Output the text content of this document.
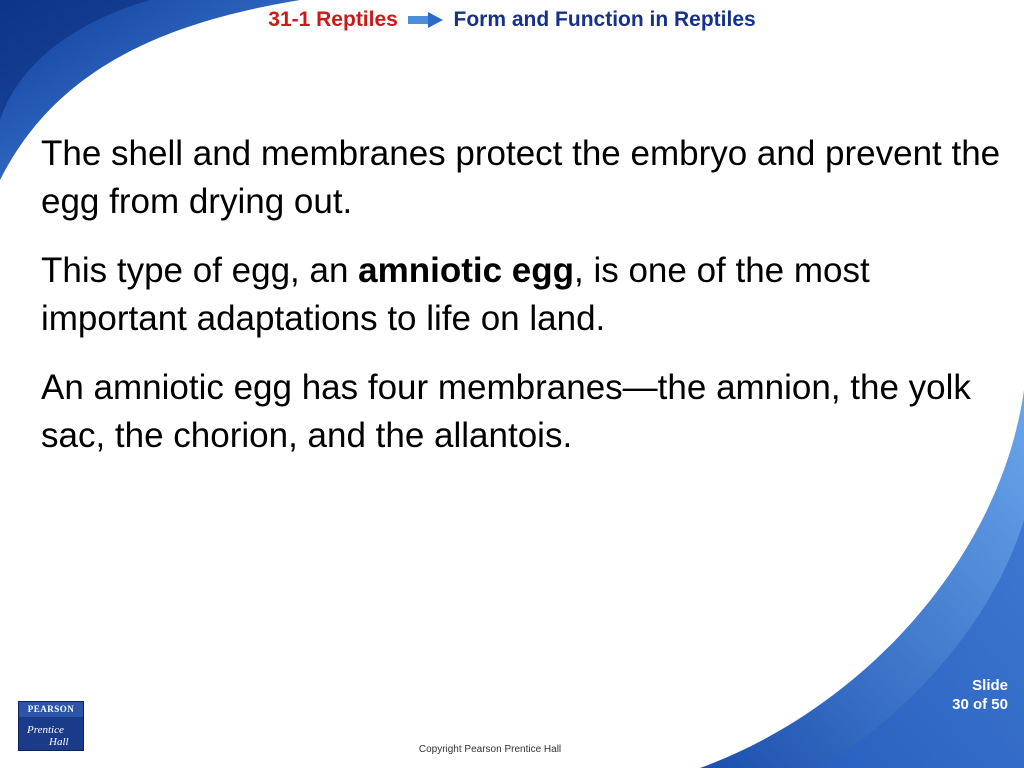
31-1 Reptiles	Form and Function in Reptiles

The shell and membranes protect the embryo and prevent the egg from drying out.

This type of egg, an amniotic egg, is one of the most important adaptations to life on land.

An amniotic egg has four membranes—the amnion, the yolk sac, the chorion, and the allantois.

Slide
30 of 50
PEARSON
Prentice
Hall
Copyright Pearson Prentice Hall
